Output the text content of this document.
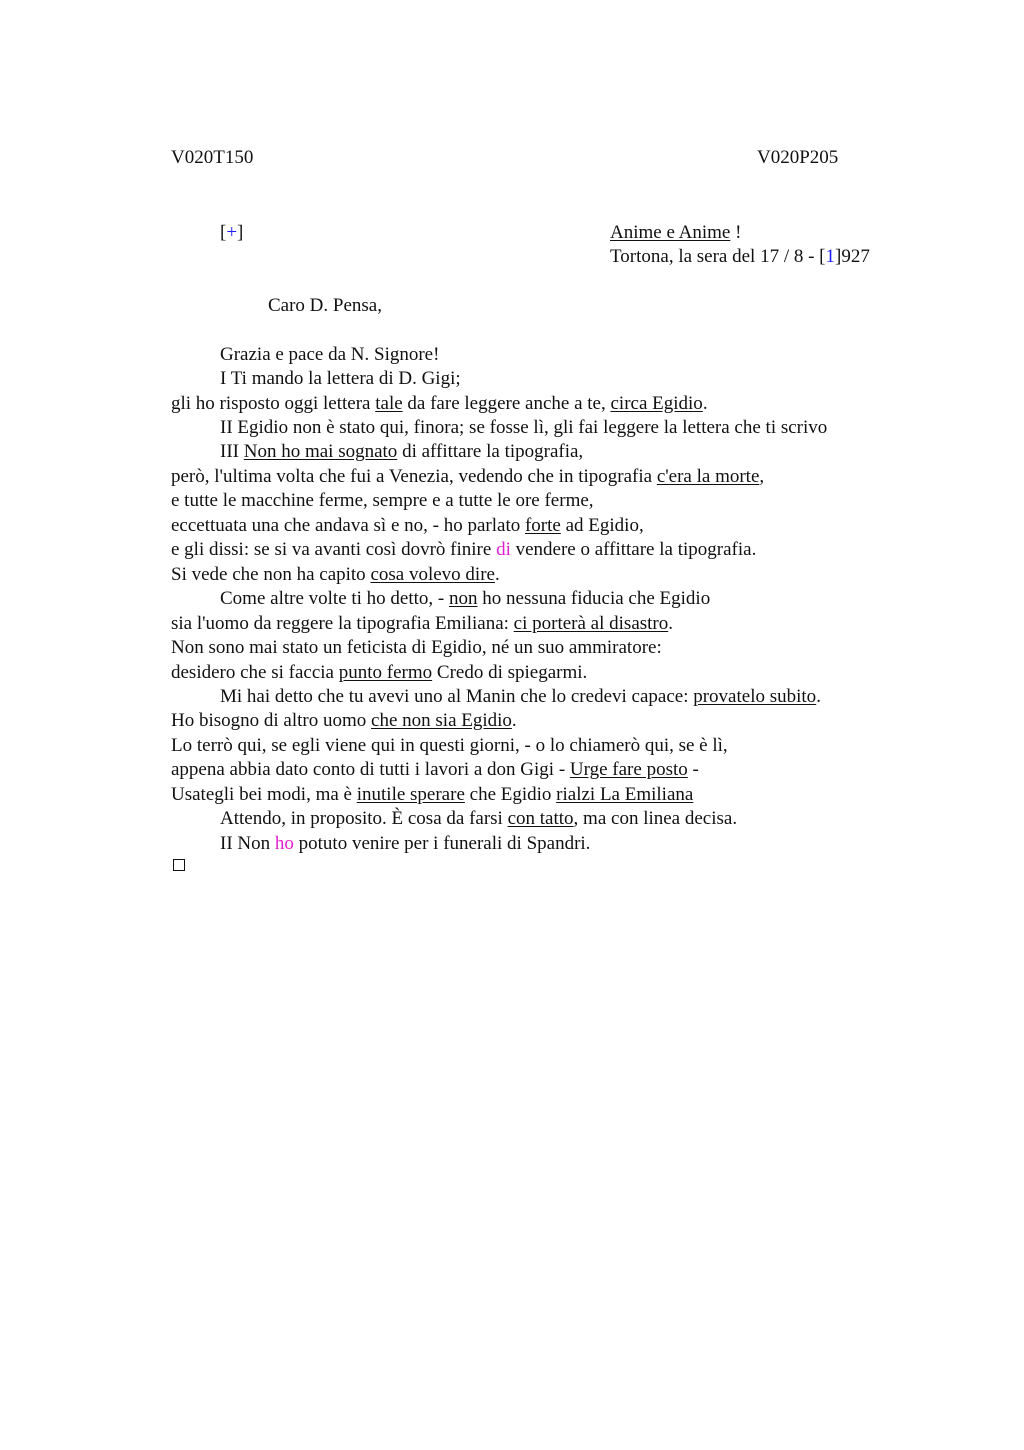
V020T150	V020P205
[+]	Anime e Anime !
Tortona, la sera del 17 / 8 - [1]927
Caro D. Pensa,
Grazia e pace da N. Signore!
I Ti mando la lettera di D. Gigi;
gli ho risposto oggi lettera tale da fare leggere anche a te, circa Egidio.
II Egidio non è stato qui, finora; se fosse lì, gli fai leggere la lettera che ti scrivo
III Non ho mai sognato di affittare la tipografia,
però, l'ultima volta che fui a Venezia, vedendo che in tipografia c'era la morte,
e tutte le macchine ferme, sempre e a tutte le ore ferme,
eccettuata una che andava sì e no, - ho parlato forte ad Egidio,
e gli dissi: se si va avanti così dovrò finire di vendere o affittare la tipografia.
Si vede che non ha capito cosa volevo dire.
Come altre volte ti ho detto, - non ho nessuna fiducia che Egidio
sia l'uomo da reggere la tipografia Emiliana: ci porterà al disastro.
Non sono mai stato un feticista di Egidio, né un suo ammiratore:
desidero che si faccia punto fermo Credo di spiegarmi.
Mi hai detto che tu avevi uno al Manin che lo credevi capace: provatelo subito.
Ho bisogno di altro uomo che non sia Egidio.
Lo terrò qui, se egli viene qui in questi giorni, - o lo chiamerò qui, se è lì,
appena abbia dato conto di tutti i lavori a don Gigi - Urge fare posto -
Usategli bei modi, ma è inutile sperare che Egidio rialzi La Emiliana
Attendo, in proposito. È cosa da farsi con tatto, ma con linea decisa.
II Non ho potuto venire per i funerali di Spandri.
